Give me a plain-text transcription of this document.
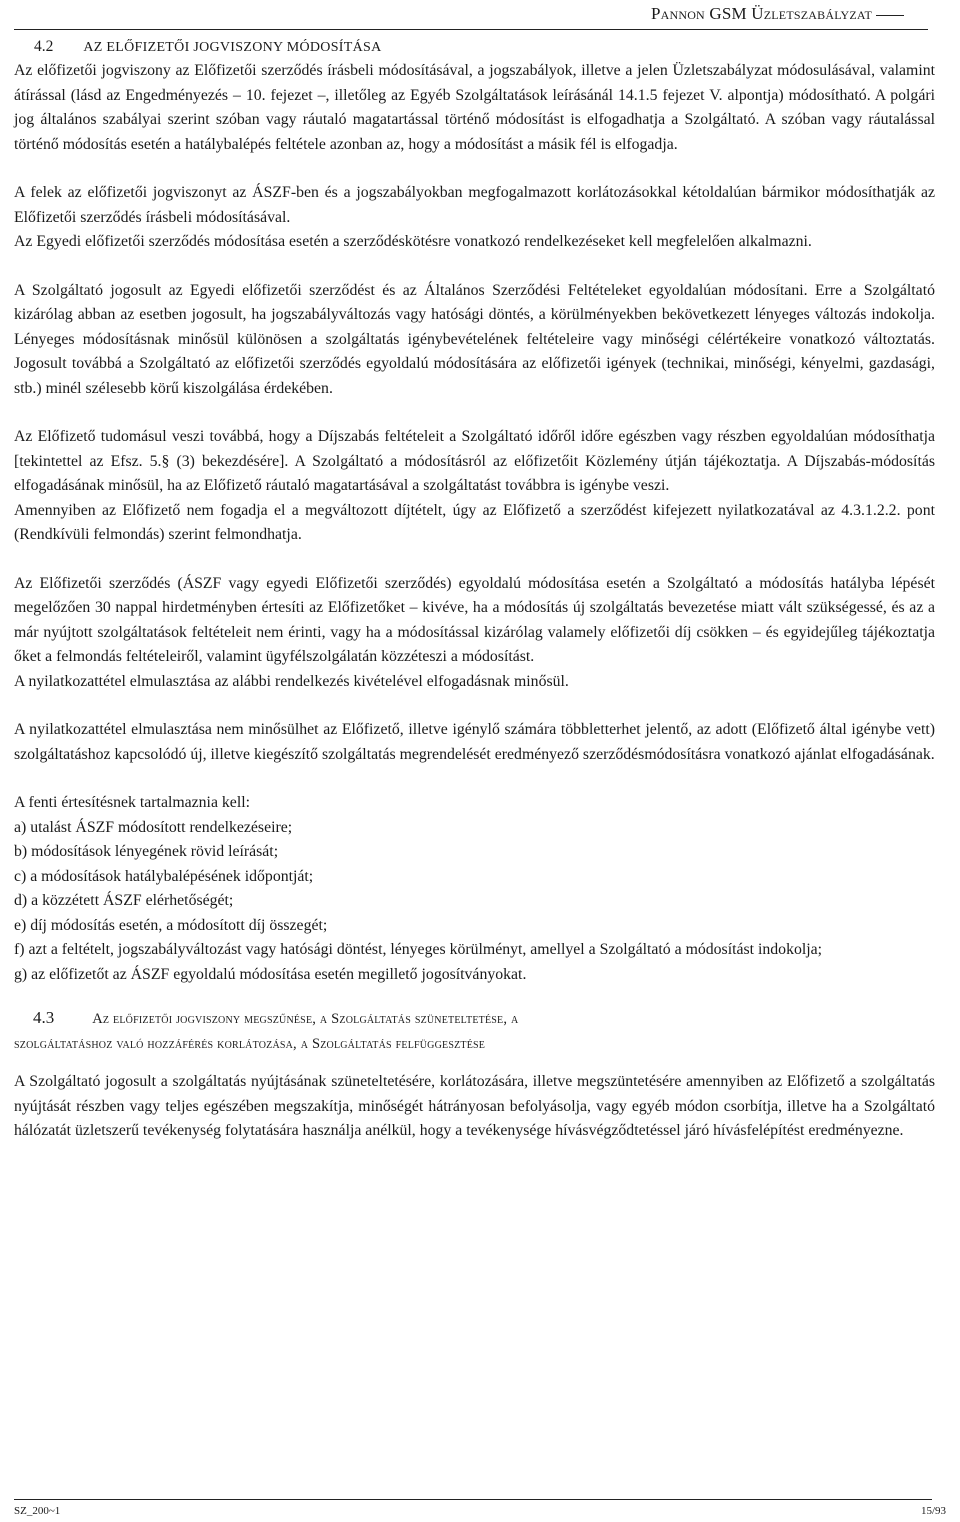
Pannon GSM Üzletszabályzat
4.2 AZ ELŐFIZETŐI JOGVISZONY MÓDOSÍTÁSA

Az előfizetői jogviszony az Előfizetői szerződés írásbeli módosításával, a jogszabályok, illetve a jelen Üzletszabályzat módosulásával, valamint átírással (lásd az Engedményezés – 10. fejezet –, illetőleg az Egyéb Szolgáltatások leírásánál 14.1.5 fejezet V. alpontja) módosítható. A polgári jog általános szabályai szerint szóban vagy ráutaló magatartással történő módosítást is elfogadhatja a Szolgáltató. A szóban vagy ráutalással történő módosítás esetén a hatálybalépés feltétele azonban az, hogy a módosítást a másik fél is elfogadja.

A felek az előfizetői jogviszonyt az ÁSZF-ben és a jogszabályokban megfogalmazott korlátozásokkal kétoldalúan bármikor módosíthatják az Előfizetői szerződés írásbeli módosításával.

Az Egyedi előfizetői szerződés módosítása esetén a szerződéskötésre vonatkozó rendelkezéseket kell megfelelően alkalmazni.

A Szolgáltató jogosult az Egyedi előfizetői szerződést és az Általános Szerződési Feltételeket egyoldalúan módosítani. Erre a Szolgáltató kizárólag abban az esetben jogosult, ha jogszabályváltozás vagy hatósági döntés, a körülményekben bekövetkezett lényeges változás indokolja. Lényeges módosításnak minősül különösen a szolgáltatás igénybevételének feltételeire vagy minőségi célértékeire vonatkozó változtatás. Jogosult továbbá a Szolgáltató az előfizetői szerződés egyoldalú módosítására az előfizetői igények (technikai, minőségi, kényelmi, gazdasági, stb.) minél szélesebb körű kiszolgálása érdekében.

Az Előfizető tudomásul veszi továbbá, hogy a Díjszabás feltételeit a Szolgáltató időről időre egészben vagy részben egyoldalúan módosíthatja [tekintettel az Efsz. 5.§ (3) bekezdésére]. A Szolgáltató a módosításról az előfizetőit Közlemény útján tájékoztatja. A Díjszabás-módosítás elfogadásának minősül, ha az Előfizető ráutaló magatartásával a szolgáltatást továbbra is igénybe veszi.

Amennyiben az Előfizető nem fogadja el a megváltozott díjtételt, úgy az Előfizető a szerződést kifejezett nyilatkozatával az 4.3.1.2.2. pont (Rendkívüli felmondás) szerint felmondhatja.

Az Előfizetői szerződés (ÁSZF vagy egyedi Előfizetői szerződés) egyoldalú módosítása esetén a Szolgáltató a módosítás hatályba lépését megelőzően 30 nappal hirdetményben értesíti az Előfizetőket – kivéve, ha a módosítás új szolgáltatás bevezetése miatt vált szükségessé, és az a már nyújtott szolgáltatások feltételeit nem érinti, vagy ha a módosítással kizárólag valamely előfizetői díj csökken – és egyidejűleg tájékoztatja őket a felmondás feltételeiről, valamint ügyfélszolgálatán közzéteszi a módosítást.

A nyilatkozattétel elmulasztása az alábbi rendelkezés kivételével elfogadásnak minősül.

A nyilatkozattétel elmulasztása nem minősülhet az Előfizető, illetve igénylő számára többletterhet jelentő, az adott (Előfizető által igénybe vett) szolgáltatáshoz kapcsolódó új, illetve kiegészítő szolgáltatás megrendelését eredményező szerződésmódosításra vonatkozó ajánlat elfogadásának.

A fenti értesítésnek tartalmaznia kell:

a) utalást ÁSZF módosított rendelkezéseire;
b) módosítások lényegének rövid leírását;
c) a módosítások hatálybalépésének időpontját;
d) a közzétett ÁSZF elérhetőségét;
e) díj módosítás esetén, a módosított díj összegét;
f) azt a feltételt, jogszabályváltozást vagy hatósági döntést, lényeges körülményt, amellyel a Szolgáltató a módosítást indokolja;
g) az előfizetőt az ÁSZF egyoldalú módosítása esetén megillető jogosítványokat.
4.3	Az előfizetői jogviszony megszűnése, a Szolgáltatás szüneteltetése, a
szolgáltatáshoz való hozzáférés korlátozása, a Szolgáltatás felfüggesztése

A Szolgáltató jogosult a szolgáltatás nyújtásának szüneteltetésére, korlátozására, illetve megszüntetésére amennyiben az Előfizető a szolgáltatás nyújtását részben vagy teljes egészében megszakítja, minőségét hátrányosan befolyásolja, vagy egyéb módon csorbítja, illetve ha a Szolgáltató hálózatát üzletszerű tevékenység folytatására használja anélkül, hogy a tevékenysége hívásvégződtetéssel járó hívásfelépítést eredményezne.

SZ_200~1	15/93
